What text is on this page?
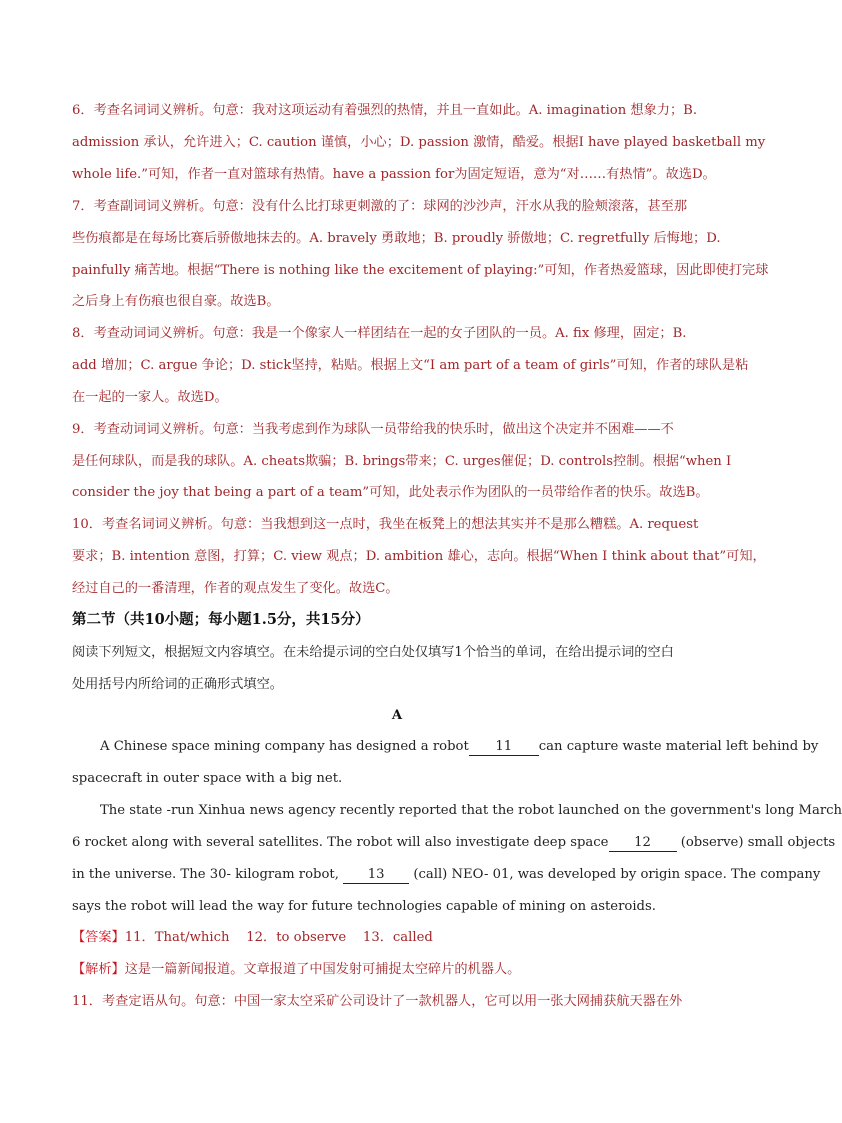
6．考查名词词义辨析。句意：我对这项运动有着强烈的热情，并且一直如此。A. imagination 想象力；B.
admission 承认，允许进入；C. caution 谨慎，小心；D. passion 激情，酷爱。根据I have played basketball my
whole life.”可知，作者一直对篮球有热情。have a passion for为固定短语，意为“对……有热情”。故选D。
7．考查副词词义辨析。句意：没有什么比打球更刺激的了：球网的沙沙声，汗水从我的脸颊滚落，甚至那
些伤痕都是在每场比赛后骄傲地抹去的。A. bravely 勇敢地；B. proudly 骄傲地；C. regretfully 后悔地；D.
painfully 痛苦地。根据“There is nothing like the excitement of playing:”可知，作者热爱篮球，因此即使打完球
之后身上有伤痕也很自豪。故选B。
8．考查动词词义辨析。句意：我是一个像家人一样团结在一起的女子团队的一员。A. fix 修理，固定；B.
add 增加；C. argue 争论；D. stick坚持，粘贴。根据上文“I am part of a team of girls”可知，作者的球队是粘
在一起的一家人。故选D。
9．考查动词词义辨析。句意：当我考虑到作为球队一员带给我的快乐时，做出这个决定并不困难——不
是任何球队，而是我的球队。A. cheats欺骗；B. brings带来；C. urges催促；D. controls控制。根据“when I
consider the joy that being a part of a team”可知，此处表示作为团队的一员带给作者的快乐。故选B。
10．考查名词词义辨析。句意：当我想到这一点时，我坐在板凳上的想法其实并不是那么糟糕。A. request
要求；B. intention 意图，打算；C. view 观点；D. ambition 雄心，志向。根据“When I think about that”可知，
经过自己的一番清理，作者的观点发生了变化。故选C。
第二节（共10小题；每小题1.5分，共15分）
阅读下列短文，根据短文内容填空。在未给提示词的空白处仅填写1个恰当的单词，在给出提示词的空白
处用括号内所给词的正确形式填空。
A
A Chinese space mining company has designed a robot 11 can capture waste material left behind by
spacecraft in outer space with a big net.
The state -run Xinhua news agency recently reported that the robot launched on the government's long March
6 rocket along with several satellites. The robot will also investigate deep space 12 (observe) small objects
in the universe. The 30- kilogram robot, 13 (call) NEO- 01, was developed by origin space. The company
says the robot will lead the way for future technologies capable of mining on asteroids.
【答案】11．That/which    12．to observe    13．called
【解析】这是一篇新闻报道。文章报道了中国发射可捕捉太空碎片的机器人。
11．考查定语从句。句意：中国一家太空采矿公司设计了一款机器人，它可以用一张大网捕获航天器在外
